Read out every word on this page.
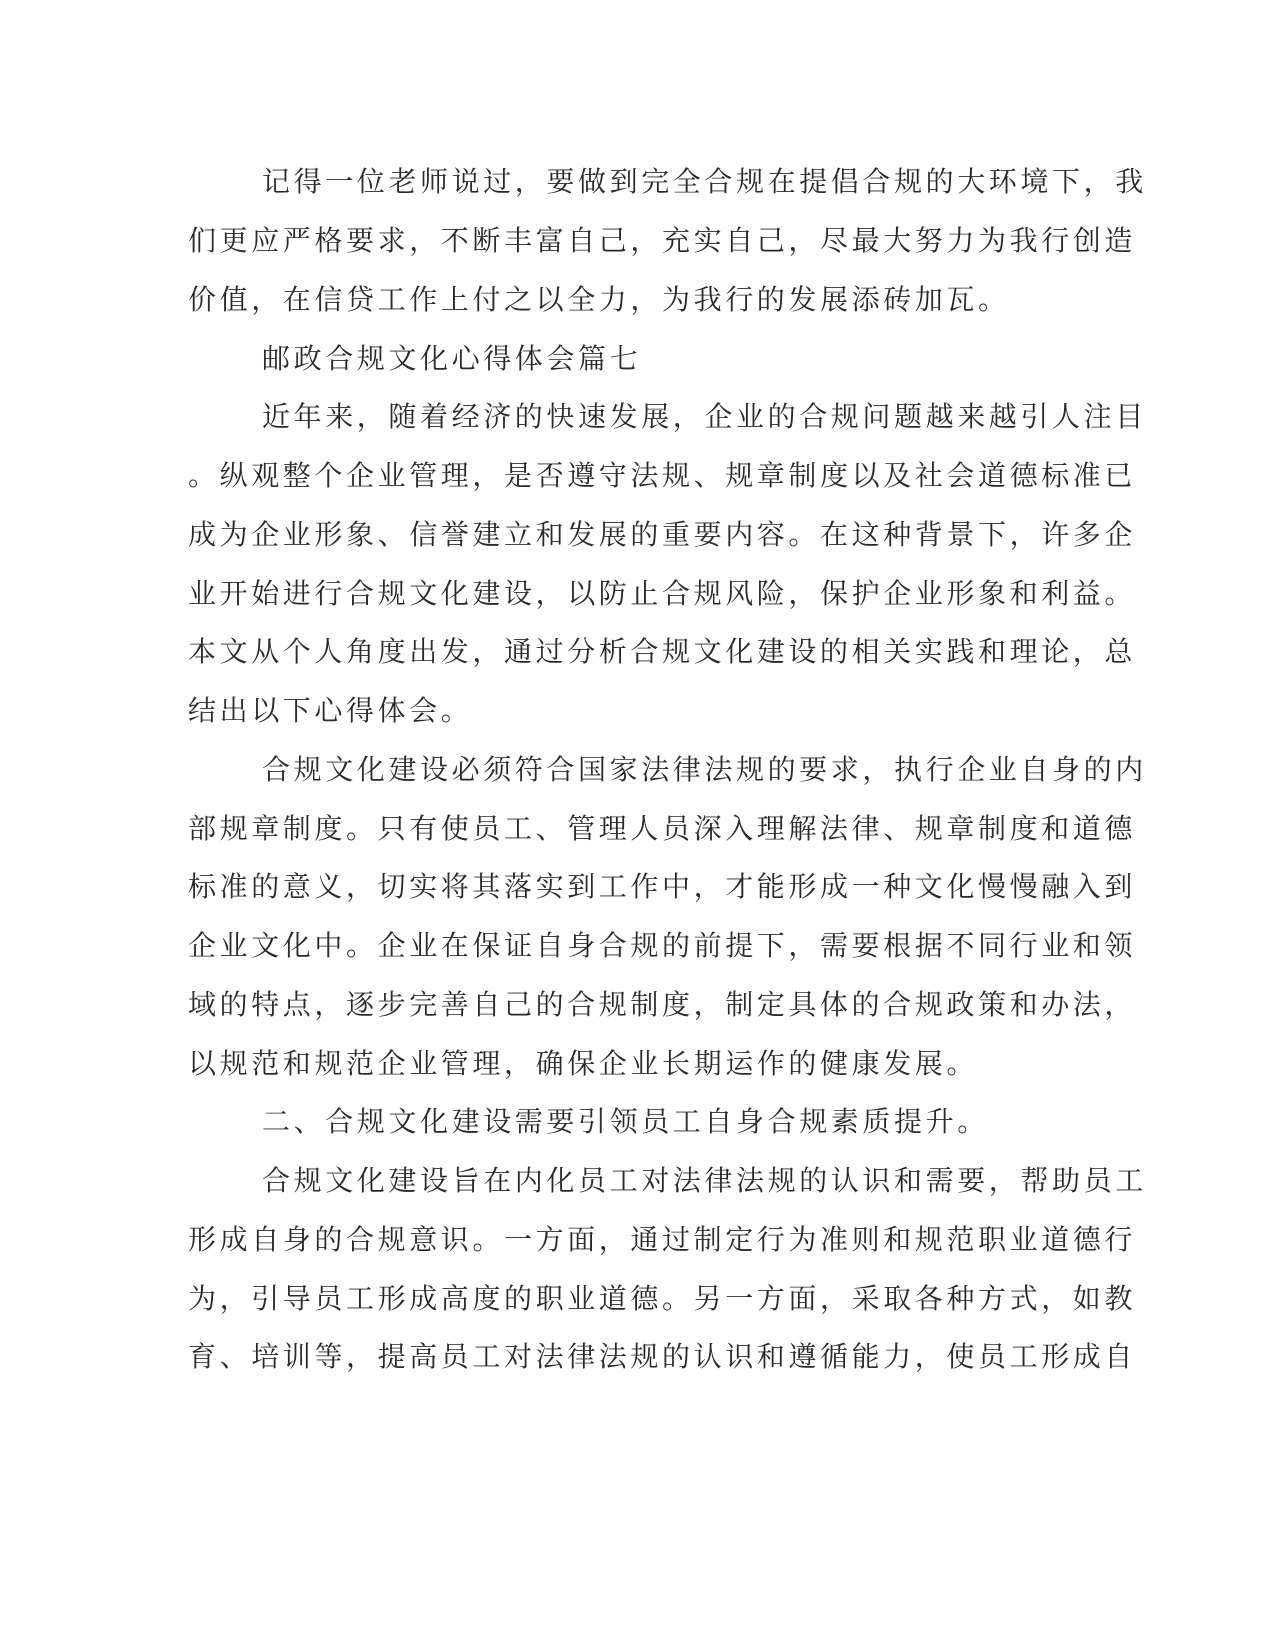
记得一位老师说过，要做到完全合规在提倡合规的大环境下，我
们更应严格要求，不断丰富自己，充实自己，尽最大努力为我行创造
价值，在信贷工作上付之以全力，为我行的发展添砖加瓦。
邮政合规文化心得体会篇七
近年来，随着经济的快速发展，企业的合规问题越来越引人注目
。纵观整个企业管理，是否遵守法规、规章制度以及社会道德标准已
成为企业形象、信誉建立和发展的重要内容。在这种背景下，许多企
业开始进行合规文化建设，以防止合规风险，保护企业形象和利益。
本文从个人角度出发，通过分析合规文化建设的相关实践和理论，总
结出以下心得体会。
合规文化建设必须符合国家法律法规的要求，执行企业自身的内
部规章制度。只有使员工、管理人员深入理解法律、规章制度和道德
标准的意义，切实将其落实到工作中，才能形成一种文化慢慢融入到
企业文化中。企业在保证自身合规的前提下，需要根据不同行业和领
域的特点，逐步完善自己的合规制度，制定具体的合规政策和办法，
以规范和规范企业管理，确保企业长期运作的健康发展。
二、合规文化建设需要引领员工自身合规素质提升。
合规文化建设旨在内化员工对法律法规的认识和需要，帮助员工
形成自身的合规意识。一方面，通过制定行为准则和规范职业道德行
为，引导员工形成高度的职业道德。另一方面，采取各种方式，如教
育、培训等，提高员工对法律法规的认识和遵循能力，使员工形成自
